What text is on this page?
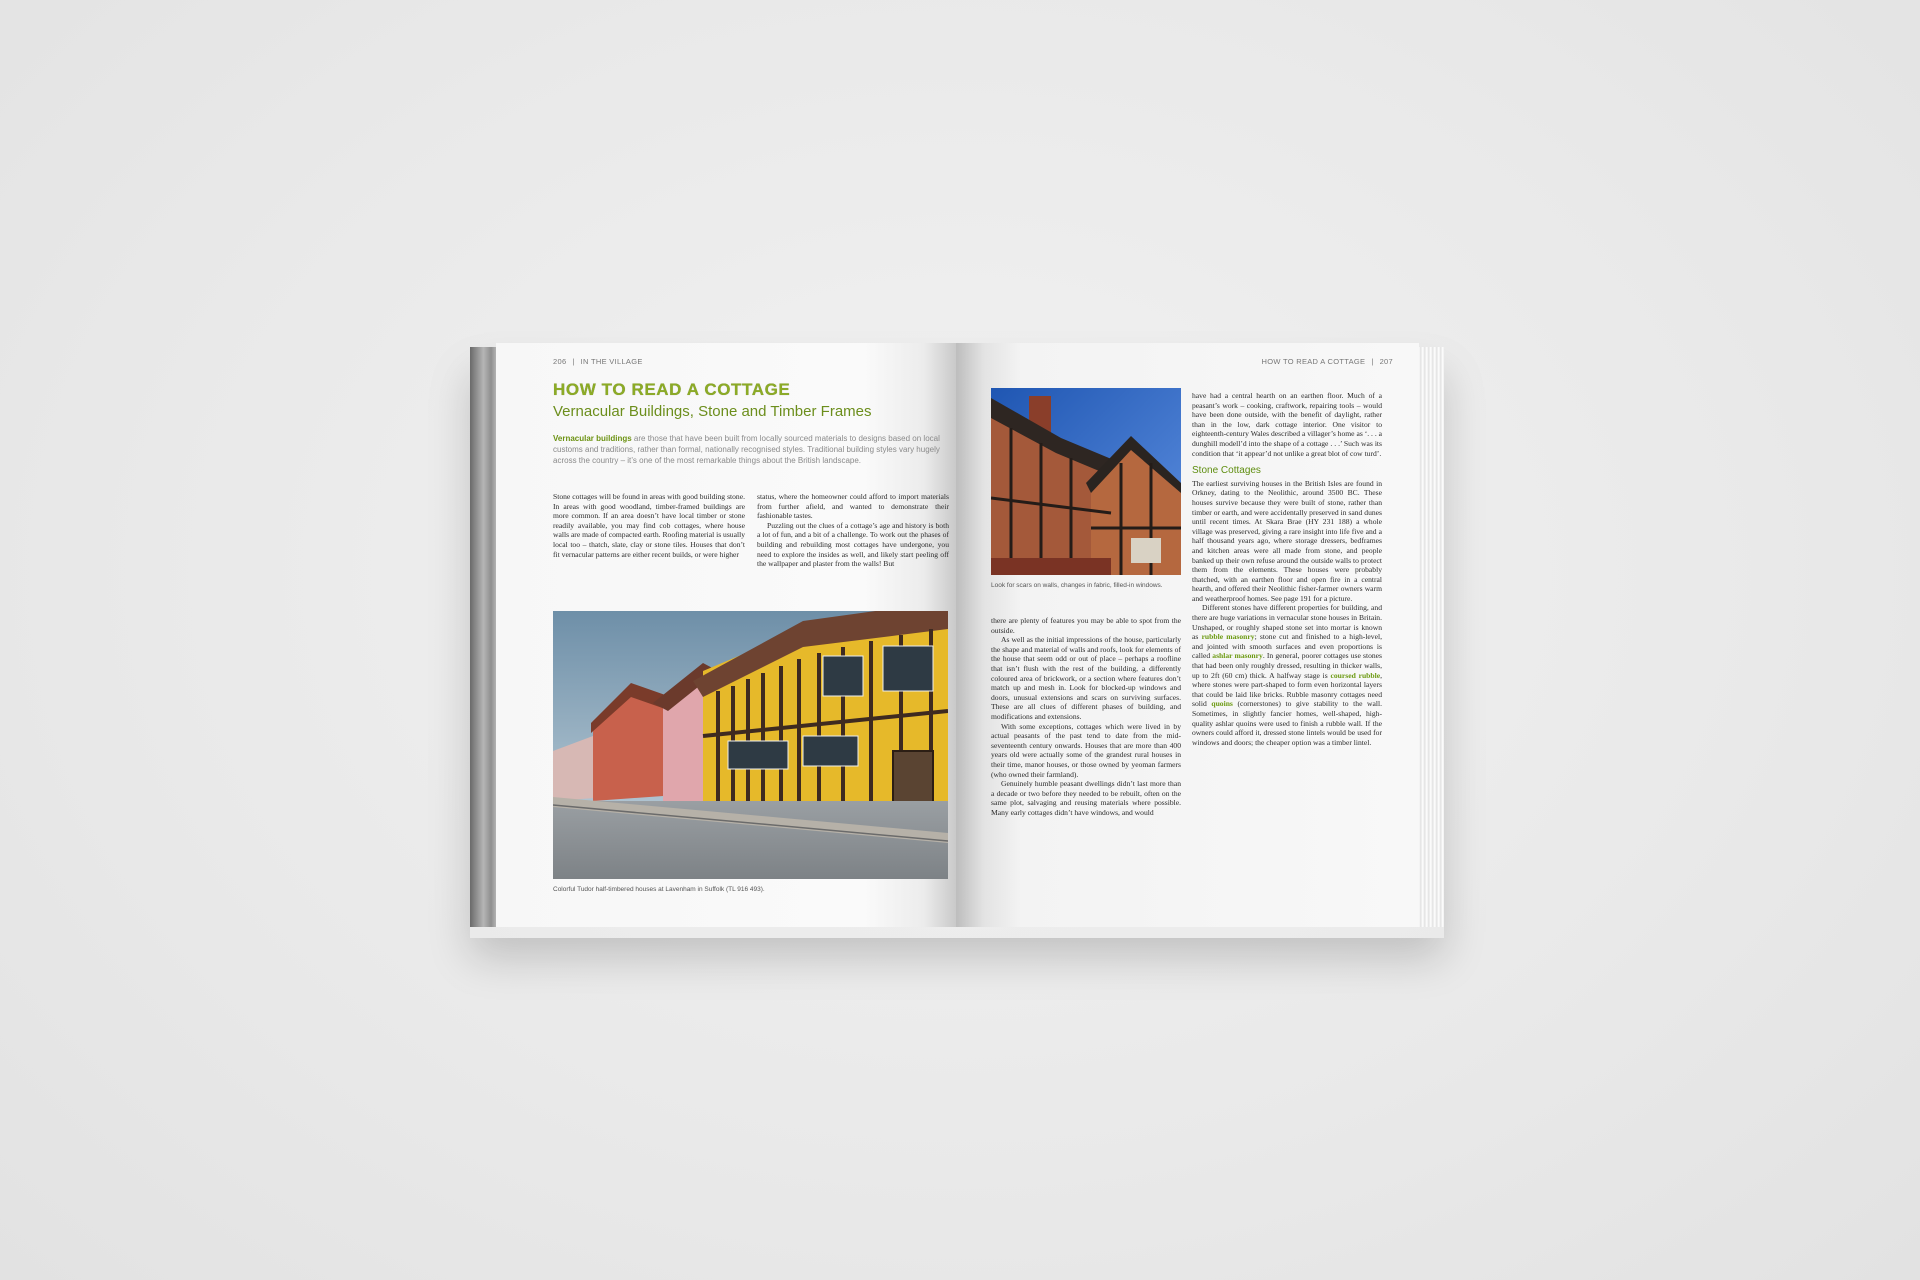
206 | IN THE VILLAGE
HOW TO READ A COTTAGE
Vernacular Buildings, Stone and Timber Frames
Vernacular buildings are those that have been built from locally sourced materials to designs based on local customs and traditions, rather than formal, nationally recognised styles. Traditional building styles vary hugely across the country – it’s one of the most remarkable things about the British landscape.

Stone cottages will be found in areas with good building stone. In areas with good woodland, timber-framed buildings are more common. If an area doesn’t have local timber or stone readily available, you may find cob cottages, where house walls are made of compacted earth. Roofing material is usually local too – thatch, slate, clay or stone tiles. Houses that don’t fit vernacular patterns are either recent builds, or were higher

status, where the homeowner could afford to import materials from further afield, and wanted to demonstrate their fashionable tastes.

Puzzling out the clues of a cottage’s age and history is both a lot of fun, and a bit of a challenge. To work out the phases of building and rebuilding most cottages have undergone, you need to explore the insides as well, and likely start peeling off the wallpaper and plaster from the walls! But

Colorful Tudor half-timbered houses at Lavenham in Suffolk (TL 916 493).
HOW TO READ A COTTAGE | 207
Look for scars on walls, changes in fabric, filled-in windows.

there are plenty of features you may be able to spot from the outside.

As well as the initial impressions of the house, particularly the shape and material of walls and roofs, look for elements of the house that seem odd or out of place – perhaps a roofline that isn’t flush with the rest of the building, a differently coloured area of brickwork, or a section where features don’t match up and mesh in. Look for blocked-up windows and doors, unusual extensions and scars on surviving surfaces. These are all clues of different phases of building, and modifications and extensions.

With some exceptions, cottages which were lived in by actual peasants of the past tend to date from the mid-seventeenth century onwards. Houses that are more than 400 years old were actually some of the grandest rural houses in their time, manor houses, or those owned by yeoman farmers (who owned their farmland).

Genuinely humble peasant dwellings didn’t last more than a decade or two before they needed to be rebuilt, often on the same plot, salvaging and reusing materials where possible. Many early cottages didn’t have windows, and would

have had a central hearth on an earthen floor. Much of a peasant’s work – cooking, craftwork, repairing tools – would have been done outside, with the benefit of daylight, rather than in the low, dark cottage interior. One visitor to eighteenth-century Wales described a villager’s home as ‘. . . a dunghill modell’d into the shape of a cottage . . .’ Such was its condition that ‘it appear’d not unlike a great blot of cow turd’.

Stone Cottages

The earliest surviving houses in the British Isles are found in Orkney, dating to the Neolithic, around 3500 BC. These houses survive because they were built of stone, rather than timber or earth, and were accidentally preserved in sand dunes until recent times. At Skara Brae (HY 231 188) a whole village was preserved, giving a rare insight into life five and a half thousand years ago, where storage dressers, bedframes and kitchen areas were all made from stone, and people banked up their own refuse around the outside walls to protect them from the elements. These houses were probably thatched, with an earthen floor and open fire in a central hearth, and offered their Neolithic fisher-farmer owners warm and weatherproof homes. See page 191 for a picture.

Different stones have different properties for building, and there are huge variations in vernacular stone houses in Britain. Unshaped, or roughly shaped stone set into mortar is known as rubble masonry; stone cut and finished to a high-level, and jointed with smooth surfaces and even proportions is called ashlar masonry. In general, poorer cottages use stones that had been only roughly dressed, resulting in thicker walls, up to 2ft (60 cm) thick. A halfway stage is coursed rubble, where stones were part-shaped to form even horizontal layers that could be laid like bricks. Rubble masonry cottages need solid quoins (cornerstones) to give stability to the wall. Sometimes, in slightly fancier homes, well-shaped, high-quality ashlar quoins were used to finish a rubble wall. If the owners could afford it, dressed stone lintels would be used for windows and doors; the cheaper option was a timber lintel.
